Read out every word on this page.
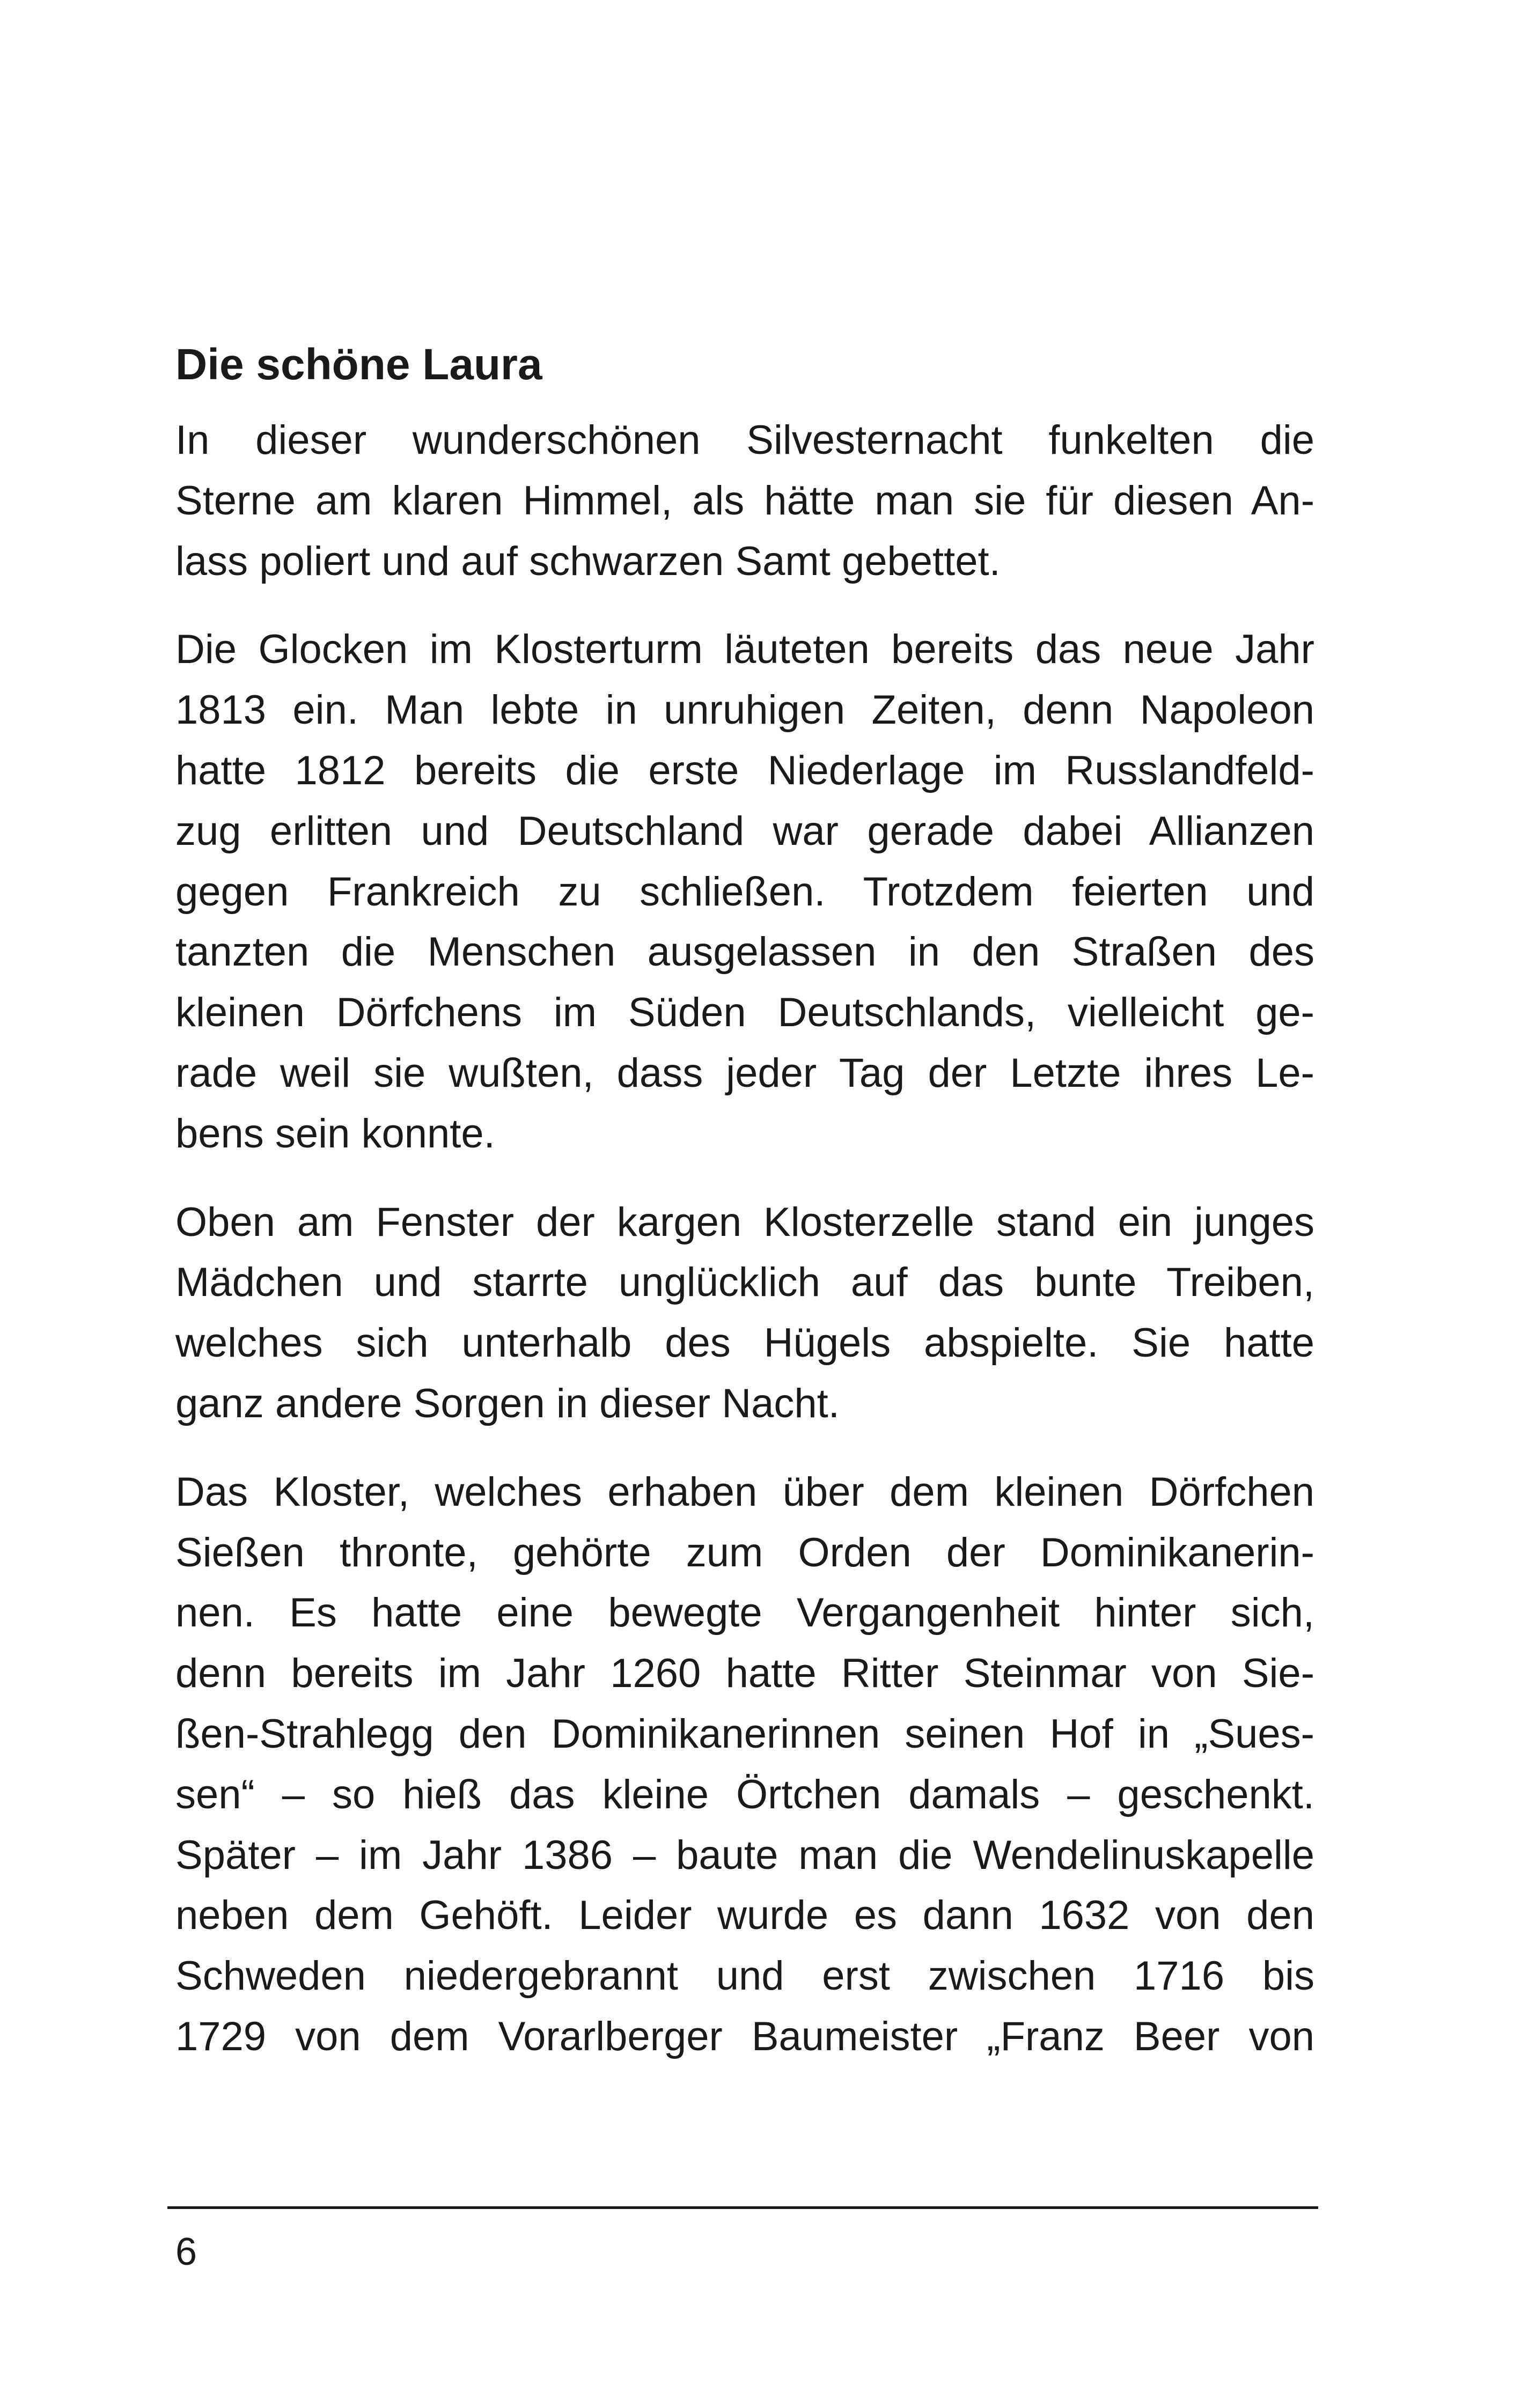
Die schöne Laura
In dieser wunderschönen Silvesternacht funkelten die
Sterne am klaren Himmel, als hätte man sie für diesen An-
lass poliert und auf schwarzen Samt gebettet.
Die Glocken im Klosterturm läuteten bereits das neue Jahr
1813 ein. Man lebte in unruhigen Zeiten, denn Napoleon
hatte 1812 bereits die erste Niederlage im Russlandfeld-
zug erlitten und Deutschland war gerade dabei Allianzen
gegen Frankreich zu schließen. Trotzdem feierten und
tanzten die Menschen ausgelassen in den Straßen des
kleinen Dörfchens im Süden Deutschlands, vielleicht ge-
rade weil sie wußten, dass jeder Tag der Letzte ihres Le-
bens sein konnte.
Oben am Fenster der kargen Klosterzelle stand ein junges
Mädchen und starrte unglücklich auf das bunte Treiben,
welches sich unterhalb des Hügels abspielte. Sie hatte
ganz andere Sorgen in dieser Nacht.
Das Kloster, welches erhaben über dem kleinen Dörfchen
Sießen thronte, gehörte zum Orden der Dominikanerin-
nen. Es hatte eine bewegte Vergangenheit hinter sich,
denn bereits im Jahr 1260 hatte Ritter Steinmar von Sie-
ßen-Strahlegg den Dominikanerinnen seinen Hof in „Sues-
sen“ – so hieß das kleine Örtchen damals – geschenkt.
Später – im Jahr 1386 – baute man die Wendelinuskapelle
neben dem Gehöft. Leider wurde es dann 1632 von den
Schweden niedergebrannt und erst zwischen 1716 bis
1729 von dem Vorarlberger Baumeister „Franz Beer von
6
